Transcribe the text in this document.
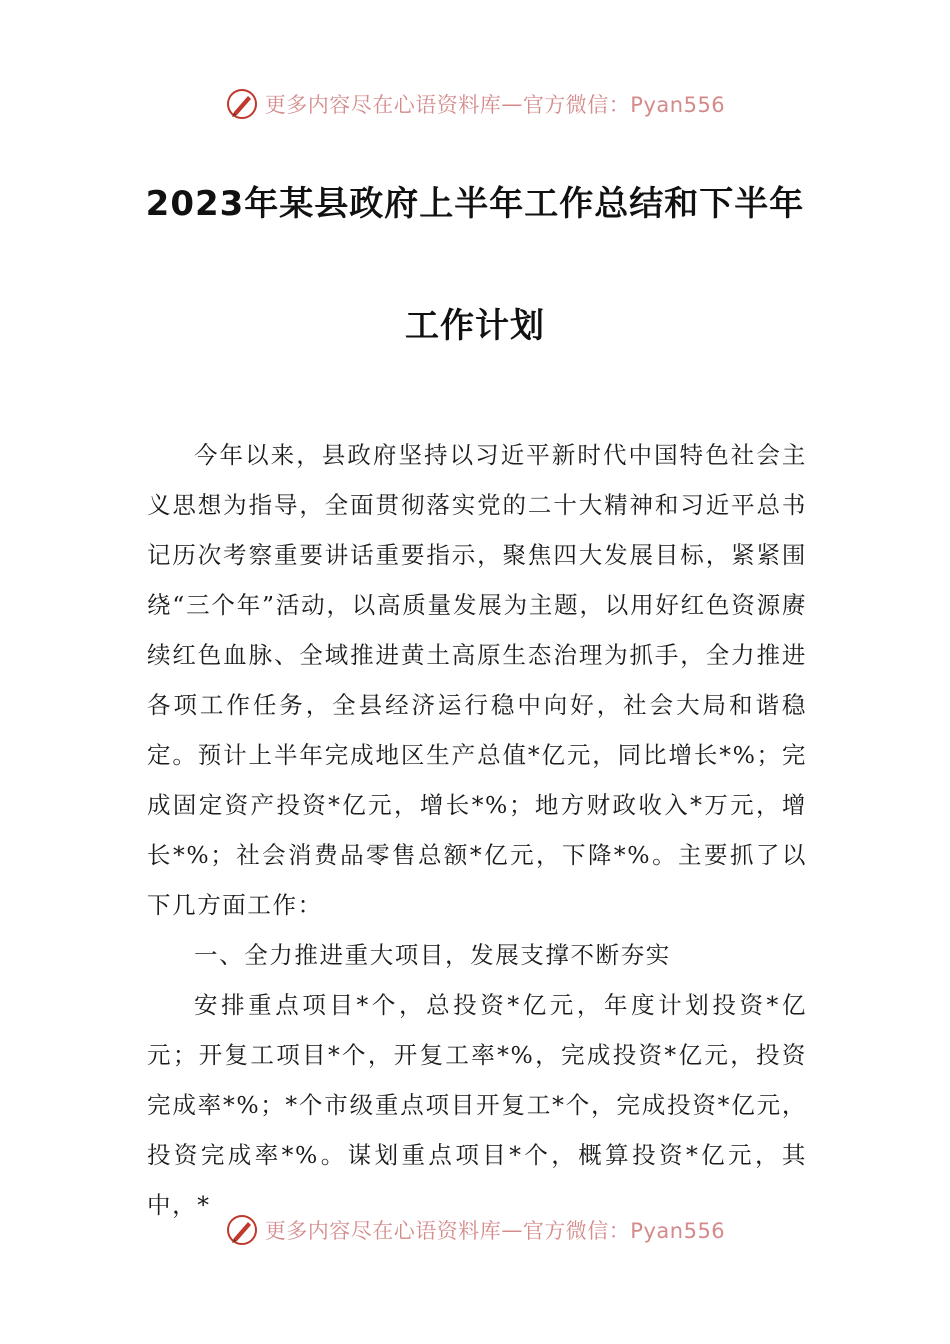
更多内容尽在心语资料库 — 官方微信：Pyan556
2023年某县政府上半年工作总结和下半年
工作计划

今年以来，县政府坚持以习近平新时代中国特色社会主义思想为指导，全面贯彻落实党的二十大精神和习近平总书记历次考察重要讲话重要指示，聚焦四大发展目标，紧紧围绕“三个年”活动，以高质量发展为主题，以用好红色资源赓续红色血脉、全域推进黄土高原生态治理为抓手，全力推进各项工作任务，全县经济运行稳中向好，社会大局和谐稳定。预计上半年完成地区生产总值*亿元，同比增长*%；完成固定资产投资*亿元，增长*%；地方财政收入*万元，增长*%；社会消费品零售总额*亿元，下降*%。主要抓了以下几方面工作：

一、全力推进重大项目，发展支撑不断夯实

安排重点项目*个，总投资*亿元，年度计划投资*亿元；开复工项目*个，开复工率*%，完成投资*亿元，投资完成率*%；*个市级重点项目开复工*个，完成投资*亿元，投资完成率*%。谋划重点项目*个，概算投资*亿元，其中，*

更多内容尽在心语资料库 — 官方微信：Pyan556
